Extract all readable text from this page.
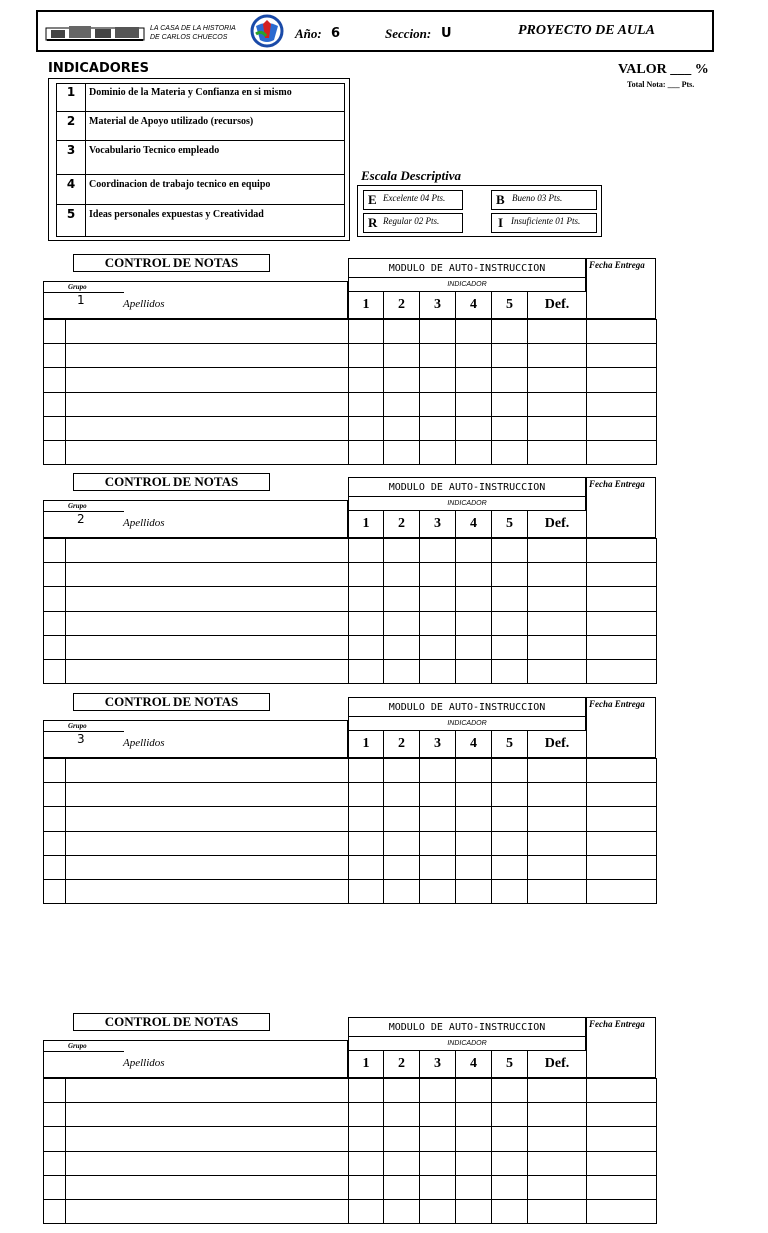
LA CASA DE LA HISTORIA
DE CARLOS CHUECOS	Año: 6	Seccion: U	PROYECTO DE AULA
INDICADORES
1	Dominio de la Materia y Confianza en si mismo
2	Material de Apoyo utilizado (recursos)
3	Vocabulario Tecnico empleado
4	Coordinacion de trabajo tecnico en equipo
5	Ideas personales expuestas y Creatividad
VALOR ___ %
Total Nota: ___ Pts.
Escala Descriptiva
E Excelente 04 Pts.	B Bueno 03 Pts.
R Regular 02 Pts.	I Insuficiente 01 Pts.
CONTROL DE NOTAS	MODULO DE AUTO-INSTRUCCION	Fecha Entrega
INDICADOR
Grupo
1	Apellidos	1	2	3	4	5	Def.
CONTROL DE NOTAS	MODULO DE AUTO-INSTRUCCION	Fecha Entrega
INDICADOR
Grupo
2	Apellidos	1	2	3	4	5	Def.
CONTROL DE NOTAS	MODULO DE AUTO-INSTRUCCION	Fecha Entrega
INDICADOR
Grupo
3	Apellidos	1	2	3	4	5	Def.
CONTROL DE NOTAS	MODULO DE AUTO-INSTRUCCION	Fecha Entrega
INDICADOR
Grupo
Apellidos	1	2	3	4	5	Def.
